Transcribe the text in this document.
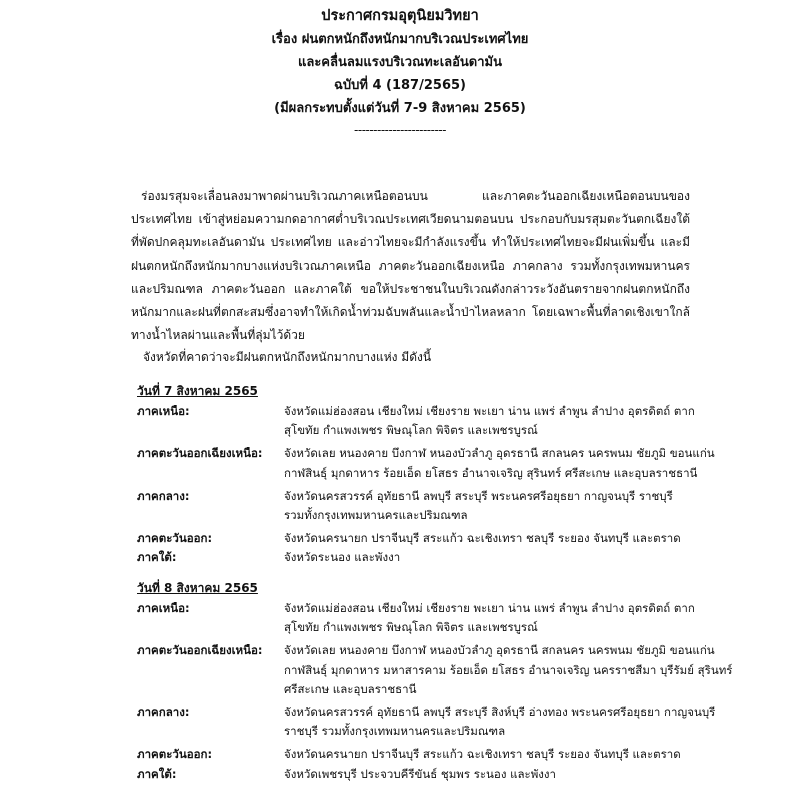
ประกาศกรมอุตุนิยมวิทยา
เรื่อง ฝนตกหนักถึงหนักมากบริเวณประเทศไทย
และคลื่นลมแรงบริเวณทะเลอันดามัน
ฉบับที่ 4 (187/2565)
(มีผลกระทบตั้งแต่วันที่ 7-9 สิงหาคม 2565)
------------------------

ร่องมรสุมจะเลื่อนลงมาพาดผ่านบริเวณภาคเหนือตอนบน และภาคตะวันออกเฉียงเหนือตอนบนของประเทศไทย เข้าสู่หย่อมความกดอากาศต่ำบริเวณประเทศเวียดนามตอนบน ประกอบกับมรสุมตะวันตกเฉียงใต้ที่พัดปกคลุมทะเลอันดามัน ประเทศไทย และอ่าวไทยจะมีกำลังแรงขึ้น ทำให้ประเทศไทยจะมีฝนเพิ่มขึ้น และมีฝนตกหนักถึงหนักมากบางแห่งบริเวณภาคเหนือ ภาคตะวันออกเฉียงเหนือ ภาคกลาง รวมทั้งกรุงเทพมหานครและปริมณฑล ภาคตะวันออก และภาคใต้ ขอให้ประชาชนในบริเวณดังกล่าวระวังอันตรายจากฝนตกหนักถึงหนักมากและฝนที่ตกสะสมซึ่งอาจทำให้เกิดน้ำท่วมฉับพลันและน้ำป่าไหลหลาก โดยเฉพาะพื้นที่ลาดเชิงเขาใกล้ทางน้ำไหลผ่านและพื้นที่ลุ่มไว้ด้วย

จังหวัดที่คาดว่าจะมีฝนตกหนักถึงหนักมากบางแห่ง มีดังนี้

วันที่ 7 สิงหาคม 2565
ภาคเหนือ:	จังหวัดแม่ฮ่องสอน เชียงใหม่ เชียงราย พะเยา น่าน แพร่ ลำพูน ลำปาง อุตรดิตถ์ ตาก
สุโขทัย กำแพงเพชร พิษณุโลก พิจิตร และเพชรบูรณ์
ภาคตะวันออกเฉียงเหนือ:	จังหวัดเลย หนองคาย บึงกาฬ หนองบัวลำภู อุดรธานี สกลนคร นครพนม ชัยภูมิ ขอนแก่น
กาฬสินธุ์ มุกดาหาร ร้อยเอ็ด ยโสธร อำนาจเจริญ สุรินทร์ ศรีสะเกษ และอุบลราชธานี
ภาคกลาง:	จังหวัดนครสวรรค์ อุทัยธานี ลพบุรี สระบุรี พระนครศรีอยุธยา กาญจนบุรี ราชบุรี
รวมทั้งกรุงเทพมหานครและปริมณฑล
ภาคตะวันออก:	จังหวัดนครนายก ปราจีนบุรี สระแก้ว ฉะเชิงเทรา ชลบุรี ระยอง จันทบุรี และตราด
ภาคใต้:	จังหวัดระนอง และพังงา
วันที่ 8 สิงหาคม 2565
ภาคเหนือ:	จังหวัดแม่ฮ่องสอน เชียงใหม่ เชียงราย พะเยา น่าน แพร่ ลำพูน ลำปาง อุตรดิตถ์ ตาก
สุโขทัย กำแพงเพชร พิษณุโลก พิจิตร และเพชรบูรณ์
ภาคตะวันออกเฉียงเหนือ:	จังหวัดเลย หนองคาย บึงกาฬ หนองบัวลำภู อุดรธานี สกลนคร นครพนม ชัยภูมิ ขอนแก่น
กาฬสินธุ์ มุกดาหาร มหาสารคาม ร้อยเอ็ด ยโสธร อำนาจเจริญ นครราชสีมา บุรีรัมย์ สุรินทร์
ศรีสะเกษ และอุบลราชธานี
ภาคกลาง:	จังหวัดนครสวรรค์ อุทัยธานี ลพบุรี สระบุรี สิงห์บุรี อ่างทอง พระนครศรีอยุธยา กาญจนบุรี
ราชบุรี รวมทั้งกรุงเทพมหานครและปริมณฑล
ภาคตะวันออก:	จังหวัดนครนายก ปราจีนบุรี สระแก้ว ฉะเชิงเทรา ชลบุรี ระยอง จันทบุรี และตราด
ภาคใต้:	จังหวัดเพชรบุรี ประจวบคีรีขันธ์ ชุมพร ระนอง และพังงา
